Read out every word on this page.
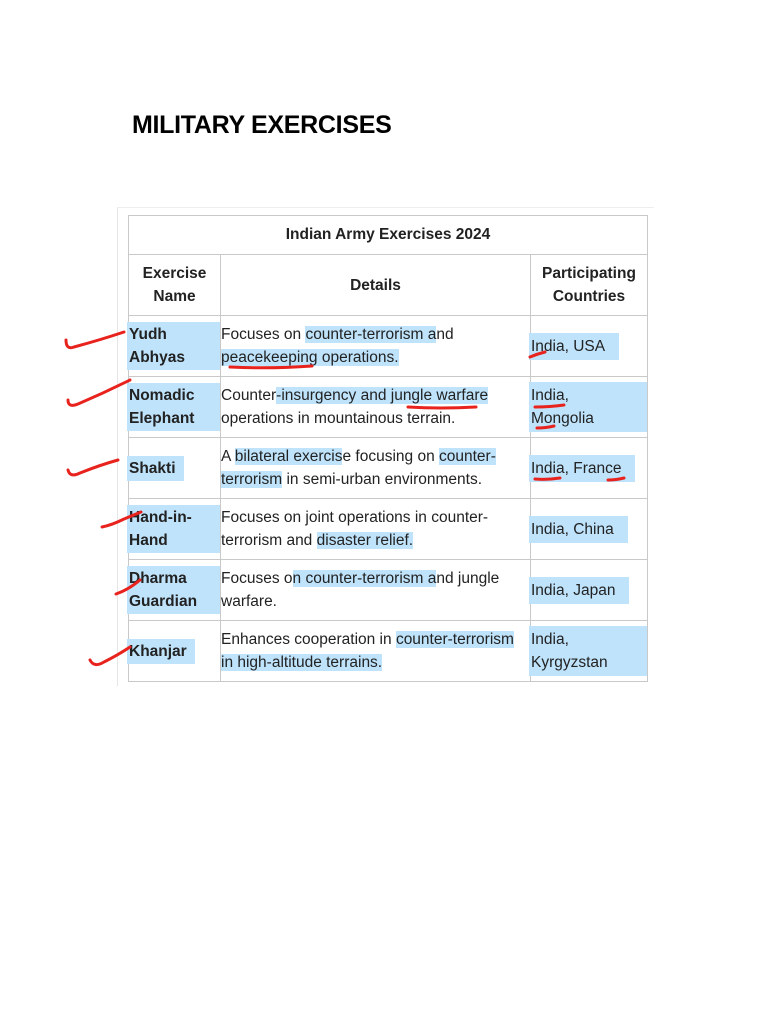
MILITARY EXERCISES
Indian Army Exercises 2024		
Exercise Name	Details	Participating Countries
Yudh Abhyas	Focuses on counter-terrorism and peacekeeping operations.	India, USA
Nomadic Elephant	Counter-insurgency and jungle warfare operations in mountainous terrain.	India, Mongolia
Shakti	A bilateral exercise focusing on counter-terrorism in semi-urban environments.	India, France
Hand-in-Hand	Focuses on joint operations in counter-terrorism and disaster relief.	India, China
Dharma Guardian	Focuses on counter-terrorism and jungle warfare.	India, Japan
Khanjar	Enhances cooperation in counter-terrorism in high-altitude terrains.	India, Kyrgyzstan
